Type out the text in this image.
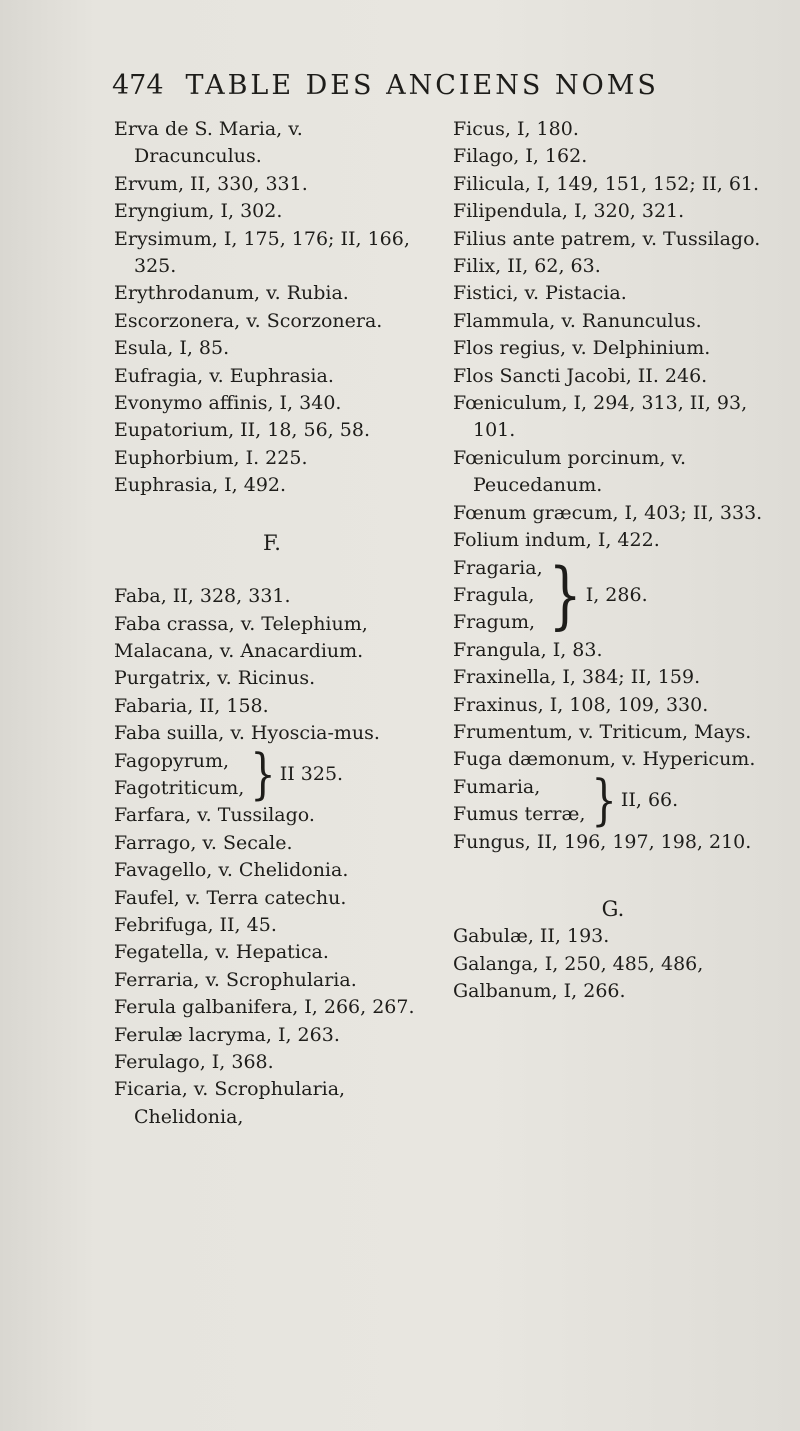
474 TABLE DES ANCIENS NOMS

Erva de S. Maria, v. Dracunculus.

Ervum, II, 330, 331.

Eryngium, I, 302.

Erysimum, I, 175, 176; II, 166, 325.

Erythrodanum, v. Rubia.

Escorzonera, v. Scorzonera.

Esula, I, 85.

Eufragia, v. Euphrasia.

Evonymo affinis, I, 340.

Eupatorium, II, 18, 56, 58.

Euphorbium, I. 225.

Euphrasia, I, 492.

F.

Faba, II, 328, 331.

Faba crassa, v. Telephium,

Malacana, v. Anacardium.

Purgatrix, v. Ricinus.

Fabaria, II, 158.

Faba suilla, v. Hyoscia-mus.

Fagopyrum,

Fagotriticum, } II 325.

Farfara, v. Tussilago.

Farrago, v. Secale.

Favagello, v. Chelidonia.

Faufel, v. Terra catechu.

Febrifuga, II, 45.

Fegatella, v. Hepatica.

Ferraria, v. Scrophularia.

Ferula galbanifera, I, 266, 267.

Ferulæ lacryma, I, 263.

Ferulago, I, 368.

Ficaria, v. Scrophularia, Chelidonia,

Ficus, I, 180.

Filago, I, 162.

Filicula, I, 149, 151, 152; II, 61.

Filipendula, I, 320, 321.

Filius ante patrem, v. Tussilago.

Filix, II, 62, 63.

Fistici, v. Pistacia.

Flammula, v. Ranunculus.

Flos regius, v. Delphinium.

Flos Sancti Jacobi, II. 246.

Fœniculum, I, 294, 313, II, 93, 101.

Fœniculum porcinum, v. Peucedanum.

Fœnum græcum, I, 403; II, 333.

Folium indum, I, 422.

Fragaria,

Fragula,

Fragum, } I, 286.

Frangula, I, 83.

Fraxinella, I, 384; II, 159.

Fraxinus, I, 108, 109, 330.

Frumentum, v. Triticum, Mays.

Fuga dæmonum, v. Hypericum.

Fumaria,

Fumus terræ, } II, 66.

Fungus, II, 196, 197, 198, 210.

G.

Gabulæ, II, 193.

Galanga, I, 250, 485, 486,

Galbanum, I, 266.
